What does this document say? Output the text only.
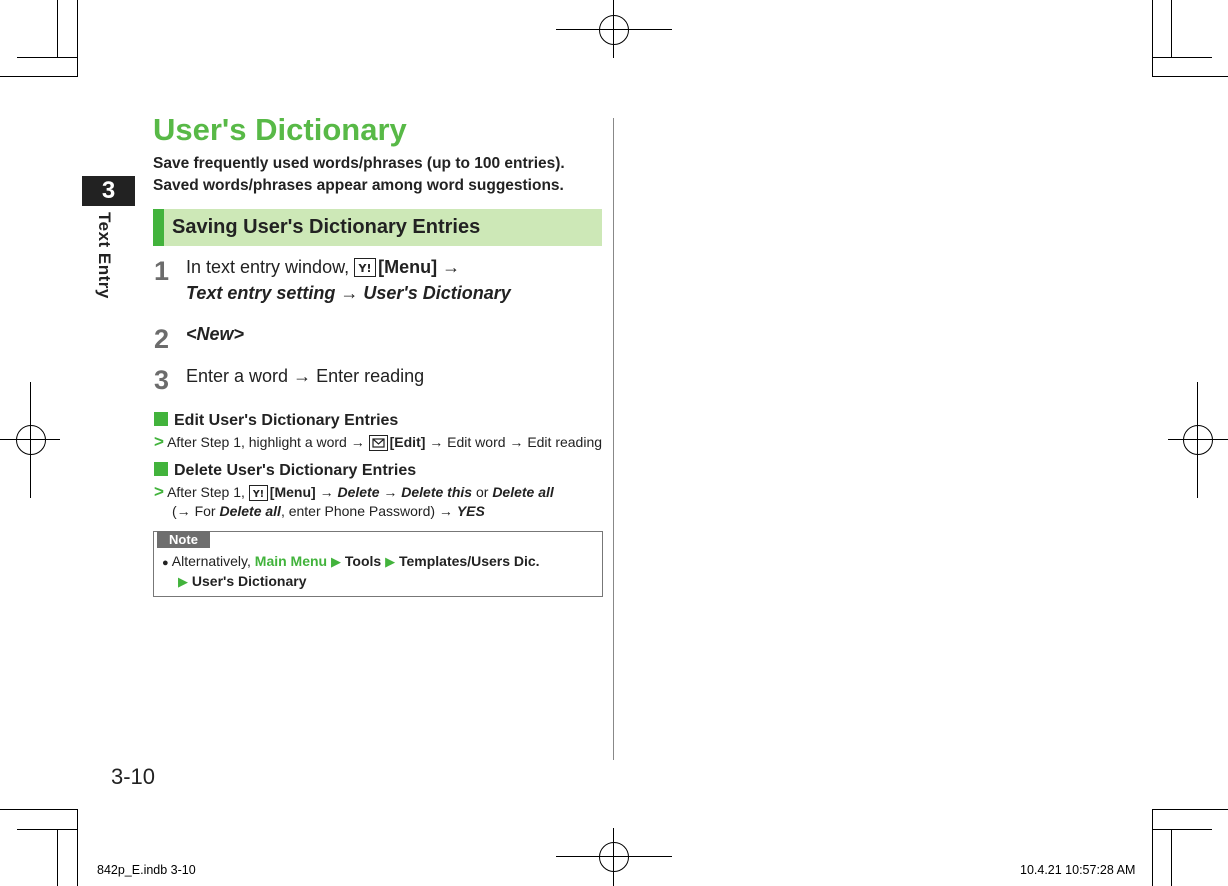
3
Text Entry
User's Dictionary
Save frequently used words/phrases (up to 100 entries).
Saved words/phrases appear among word suggestions.
Saving User's Dictionary Entries
1 In text entry window, Y! [Menu] →
Text entry setting → User's Dictionary
2 <New>
3 Enter a word → Enter reading
Edit User's Dictionary Entries
> After Step 1, highlight a word → [Edit] → Edit word → Edit reading
Delete User's Dictionary Entries
> After Step 1, Y! [Menu] → Delete → Delete this or Delete all
(→ For Delete all, enter Phone Password) → YES
Note
● Alternatively, Main Menu ▶ Tools ▶ Templates/Users Dic.
▶ User's Dictionary
3-10
842p_E.indb 3-10	10.4.21 10:57:28 AM
